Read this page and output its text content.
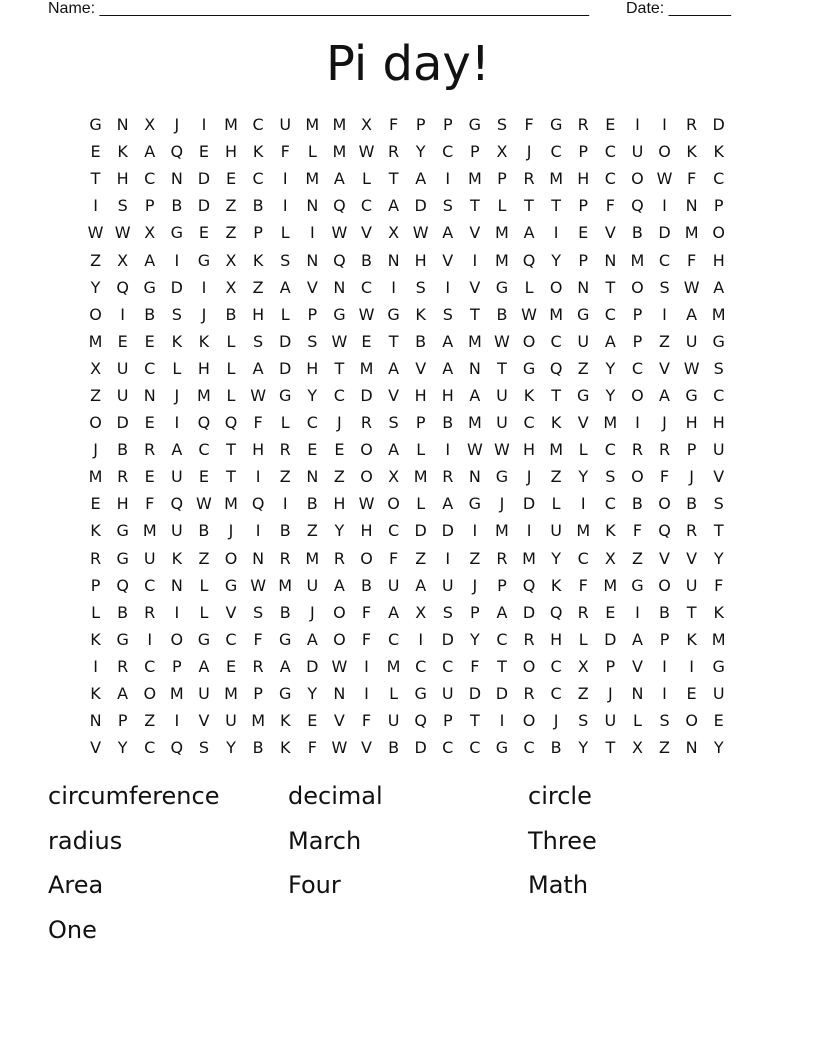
Name: _______________________________________________________ Date: _______
Pi day!
G N X	J	I	M C U M M X	F	P	P	G S	F	G R	E	I	I	R D
E	K	A Q E	H K	F	L M W R	Y	C	P	X	J	C	P	C U O K	K
T	H C N D E	C	I	M A	L	T	A	I	M P	R M H C O W F	C
I	S	P	B D Z	B	I	N Q C	A D S	T	L	T	T	P	F	Q	I	N	P
W W X G E	Z	P	L	I	W V	X W A	V M A	I	E	V	B D M O
Z	X	A	I	G X	K	S	N Q B N H V	I	M Q Y	P	N M C	F	H
Y Q G D	I	X	Z	A	V N C	I	S	I	V G	L	O N	T O S W A
O	I	B	S	J	B H	L	P	G W G K	S	T	B W M G C	P	I	A M
M E	E	K	K	L	S D S W E	T	B	A M W O C U A	P	Z U G
X U C	L	H	L	A D H	T M A	V	A N	T	G Q Z	Y	C	V W S
Z U N	J	M L W G	Y	C D V H H A U K	T	G	Y O A G C
O D E	I	Q Q	F	L	C	J	R	S	P	B M U C	K	V M	I	J	H H
J	B	R	A	C	T	H R	E	E O A	L	I	W W H M L	C R R	P	U
M R	E	U	E	T	I	Z N Z O X M R N G	J	Z	Y	S O	F	J	V
E	H	F	Q W M Q	I	B H W O	L	A G	J	D	L	I	C	B O B	S
K G M U B	J	I	B	Z	Y	H C D D	I	M	I	U M K	F	Q R	T
R G U K	Z O N R M R O	F	Z	I	Z	R M Y	C	X	Z	V	V	Y
P Q C N	L	G W M U A	B U A U	J	P Q K	F M G O U	F
L	B	R	I	L	V	S	B	J	O	F	A	X	S	P	A D Q R	E	I	B	T	K
K G	I	O G C	F	G A O	F	C	I	D	Y	C R H	L	D A	P	K M
I	R C	P	A	E	R	A D W	I	M C C	F	T O C	X	P	V	I	I	G
K	A O M U M P	G	Y	N	I	L	G U D D R C	Z	J	N	I	E	U
N	P	Z	I	V U M K	E	V	F	U Q P	T	I	O	J	S	U	L	S O E
V	Y	C Q S	Y	B	K	F W V	B D C C G C	B	Y	T	X	Z N	Y
circumference	decimal	circle
radius	March	Three
Area	Four	Math
One
